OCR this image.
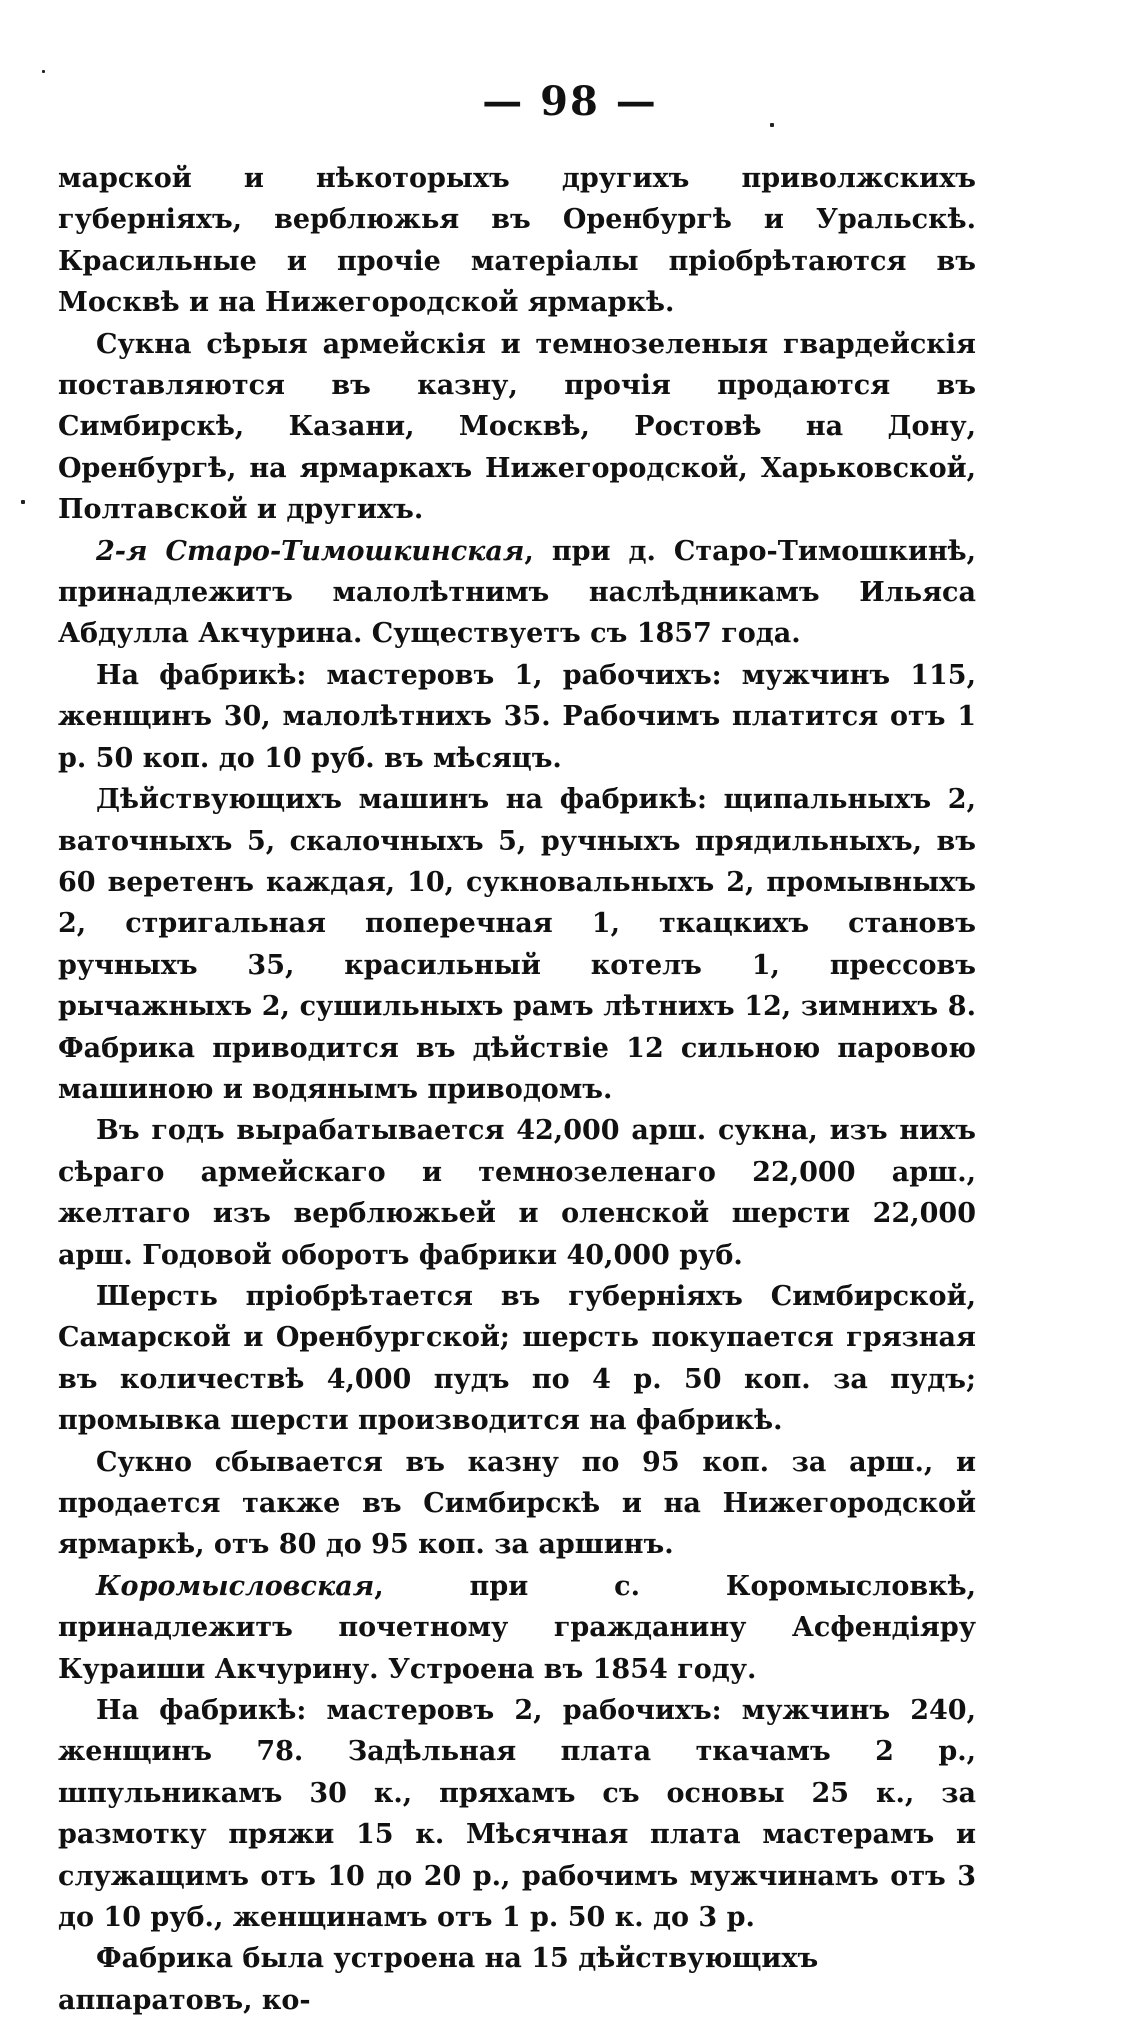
— 98 —

марской и нѣкоторыхъ другихъ приволжскихъ губерніяхъ, верблюжья въ Оренбургѣ и Уральскѣ. Красильные и прочіе матеріалы пріобрѣтаются въ Москвѣ и на Нижегородской ярмаркѣ.

Сукна сѣрыя армейскія и темнозеленыя гвардейскія поставляются въ казну, прочія продаются въ Симбирскѣ, Казани, Москвѣ, Ростовѣ на Дону, Оренбургѣ, на ярмаркахъ Нижегородской, Харьковской, Полтавской и другихъ.

2-я Старо-Тимошкинская, при д. Старо-Тимошкинѣ, принадлежитъ малолѣтнимъ наслѣдникамъ Ильяса Абдулла Акчурина. Существуетъ съ 1857 года.

На фабрикѣ: мастеровъ 1, рабочихъ: мужчинъ 115, женщинъ 30, малолѣтнихъ 35. Рабочимъ платится отъ 1 р. 50 коп. до 10 руб. въ мѣсяцъ.

Дѣйствующихъ машинъ на фабрикѣ: щипальныхъ 2, ваточныхъ 5, скалочныхъ 5, ручныхъ прядильныхъ, въ 60 веретенъ каждая, 10, сукновальныхъ 2, промывныхъ 2, стригальная поперечная 1, ткацкихъ становъ ручныхъ 35, красильный котелъ 1, прессовъ рычажныхъ 2, сушильныхъ рамъ лѣтнихъ 12, зимнихъ 8. Фабрика приводится въ дѣйствіе 12 сильною паровою машиною и водянымъ приводомъ.

Въ годъ вырабатывается 42,000 арш. сукна, изъ нихъ сѣраго армейскаго и темнозеленаго 22,000 арш., желтаго изъ верблюжьей и оленской шерсти 22,000 арш. Годовой оборотъ фабрики 40,000 руб.

Шерсть пріобрѣтается въ губерніяхъ Симбирской, Самарской и Оренбургской; шерсть покупается грязная въ количествѣ 4,000 пудъ по 4 р. 50 коп. за пудъ; промывка шерсти производится на фабрикѣ.

Сукно сбывается въ казну по 95 коп. за арш., и продается также въ Симбирскѣ и на Нижегородской ярмаркѣ, отъ 80 до 95 коп. за аршинъ.

Коромысловская, при с. Коромысловкѣ, принадлежитъ почетному гражданину Асфендіяру Кураиши Акчурину. Устроена въ 1854 году.

На фабрикѣ: мастеровъ 2, рабочихъ: мужчинъ 240, женщинъ 78. Задѣльная плата ткачамъ 2 р., шпульникамъ 30 к., пряхамъ съ основы 25 к., за размотку пряжи 15 к. Мѣсячная плата мастерамъ и служащимъ отъ 10 до 20 р., рабочимъ мужчинамъ отъ 3 до 10 руб., женщинамъ отъ 1 р. 50 к. до 3 р.

Фабрика была устроена на 15 дѣйствующихъ аппаратовъ, ко-
